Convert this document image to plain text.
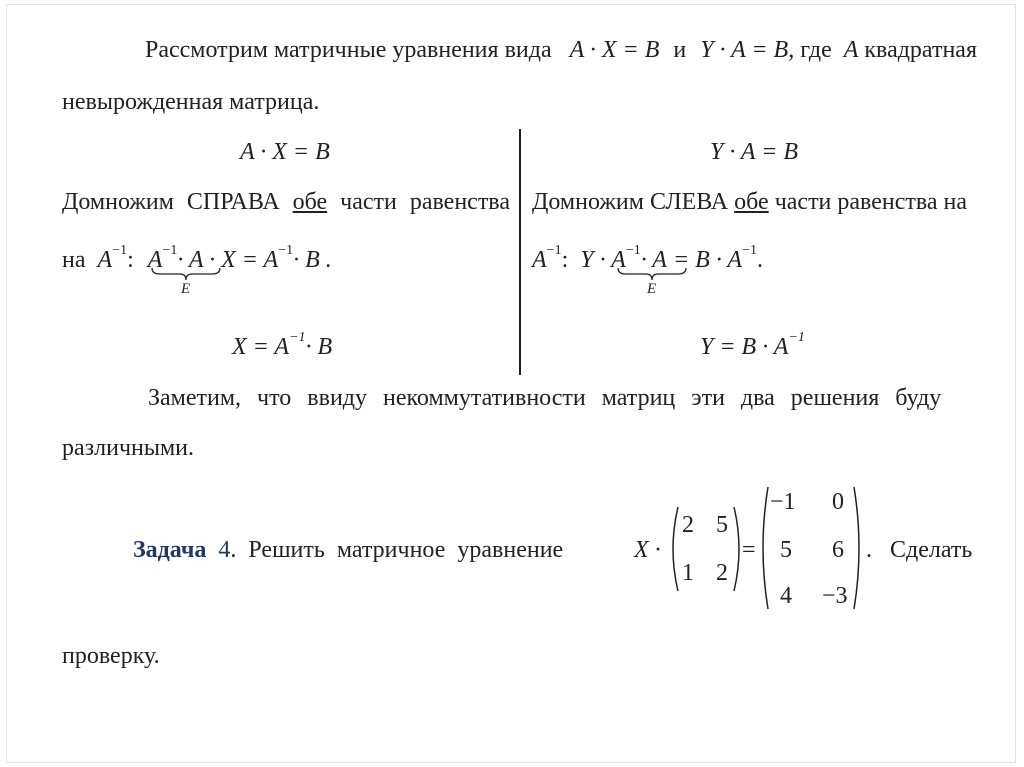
Рассмотрим матричные уравнения вида A · X = B и Y · A = B, где A квадратная
невырожденная матрица.
A · X = B
Домножим СПРАВА обе части равенства
на $A^{-1}$: $A^{-1}\cdot A \cdot X = A^{-1}\cdot B$ .
E
$X = A^{-1}\cdot B$
Y · A = B
Домножим СЛЕВА обе части равенства на
$A^{-1}$: $Y \cdot A^{-1}\cdot A = B \cdot A^{-1}$.
E
$Y = B \cdot A^{-1}$
Заметим, что ввиду некоммутативности матриц эти два решения буду
различными.
Задача 4. Решить матричное уравнение	X ·
2 5
1 2
=
−1 0
5 6
4 −3
. Сделать
проверку.
